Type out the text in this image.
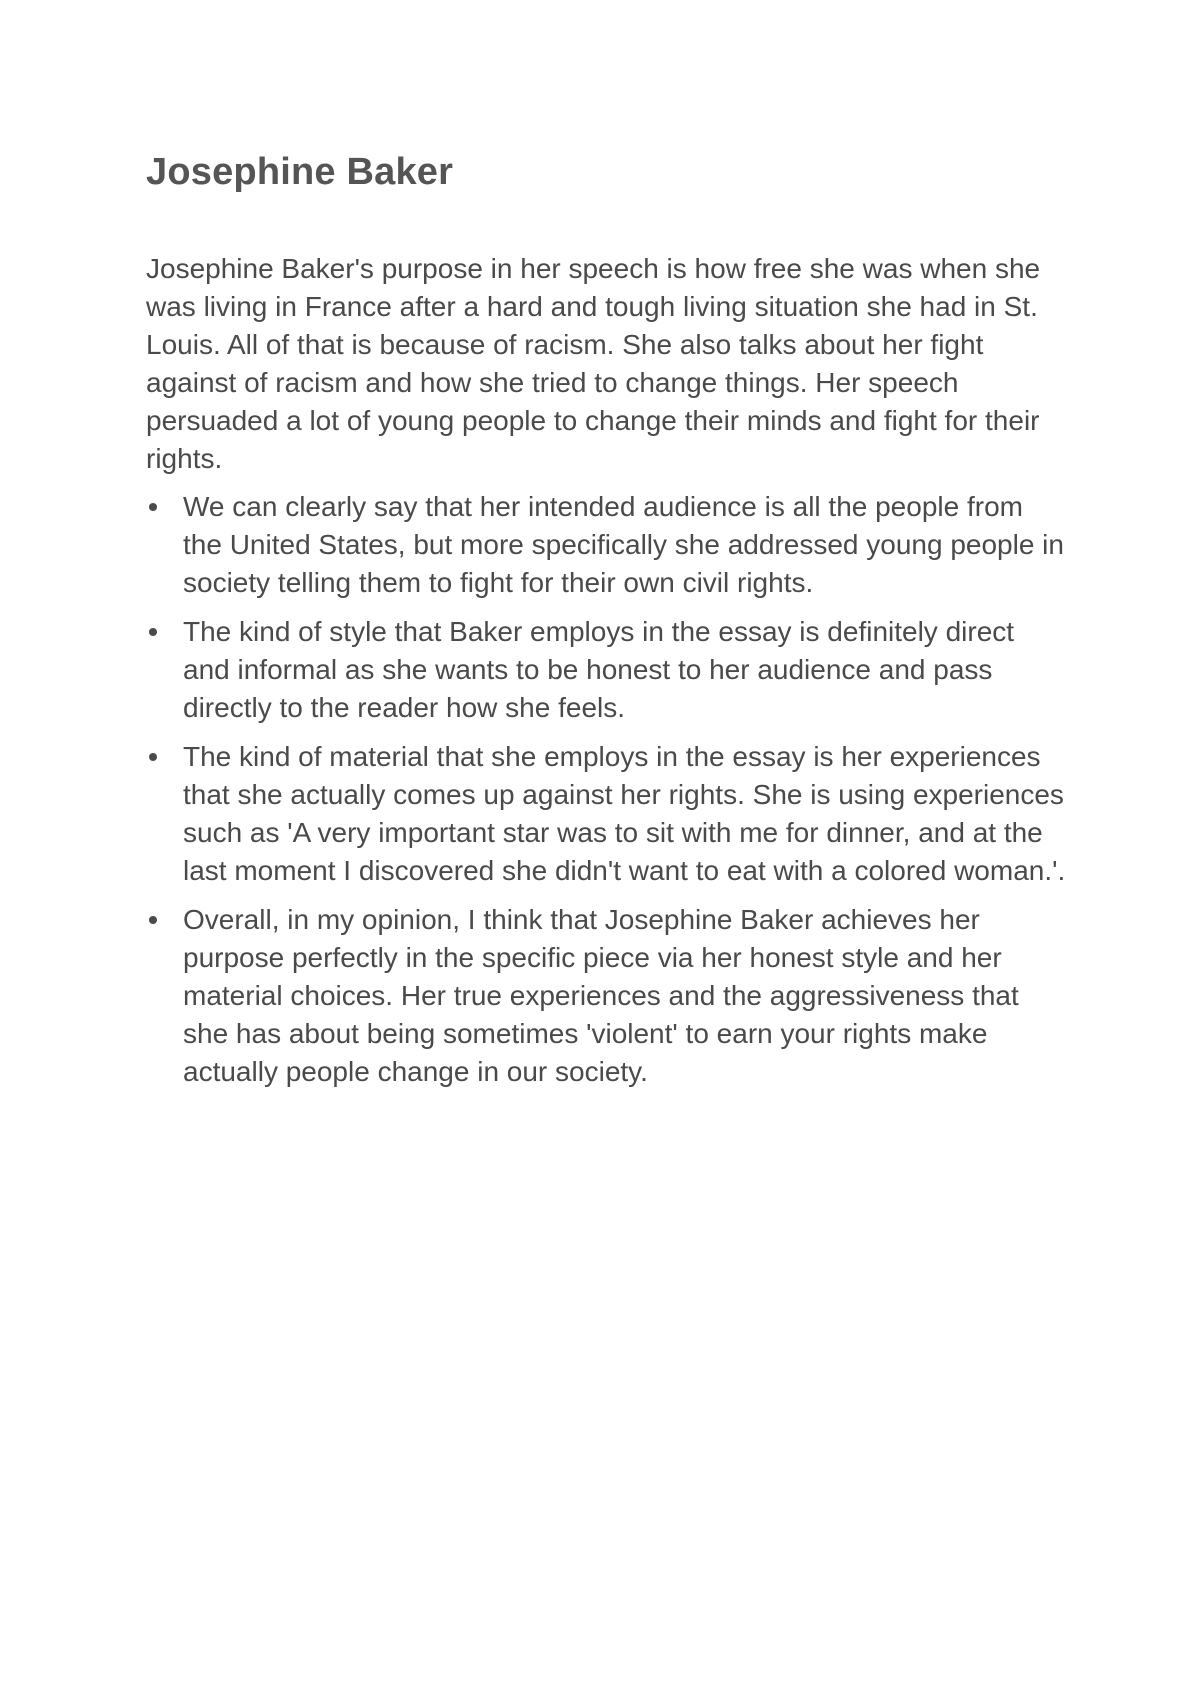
Josephine Baker

Josephine Baker's purpose in her speech is how free she was when she was living in France after a hard and tough living situation she had in St. Louis. All of that is because of racism. She also talks about her fight against of racism and how she tried to change things. Her speech persuaded a lot of young people to change their minds and fight for their rights.

We can clearly say that her intended audience is all the people from the United States, but more specifically she addressed young people in society telling them to fight for their own civil rights.
The kind of style that Baker employs in the essay is definitely direct and informal as she wants to be honest to her audience and pass directly to the reader how she feels.
The kind of material that she employs in the essay is her experiences that she actually comes up against her rights. She is using experiences such as 'A very important star was to sit with me for dinner, and at the last moment I discovered she didn't want to eat with a colored woman.'.
Overall, in my opinion, I think that Josephine Baker achieves her purpose perfectly in the specific piece via her honest style and her material choices. Her true experiences and the aggressiveness that she has about being sometimes 'violent' to earn your rights make actually people change in our society.
